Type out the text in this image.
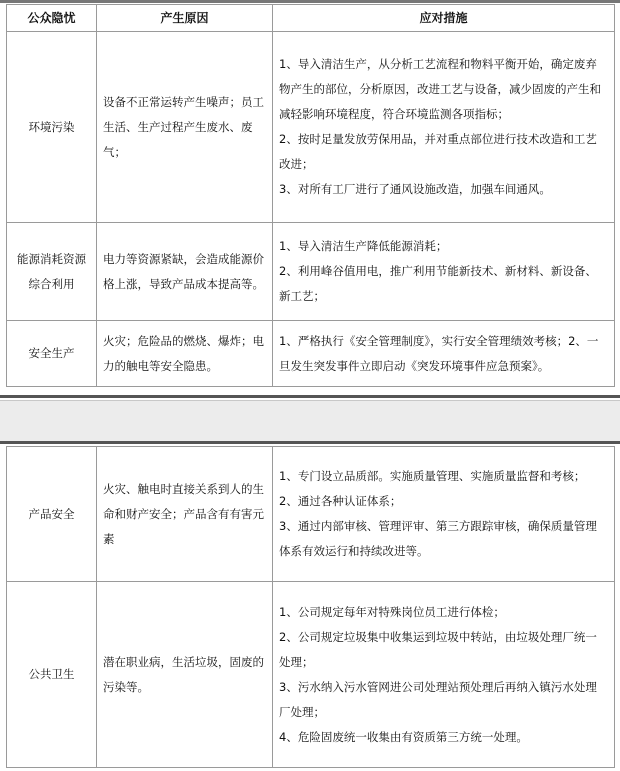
公众隐忧	产生原因	应对措施
环境污染	设备不正常运转产生噪声；员工生活、生产过程产生废水、废气；	1、导入清洁生产，从分析工艺流程和物料平衡开始，确定废弃物产生的部位，分析原因，改进工艺与设备，减少固废的产生和减轻影响环境程度，符合环境监测各项指标；
2、按时足量发放劳保用品，并对重点部位进行技术改造和工艺改进；
3、对所有工厂进行了通风设施改造，加强车间通风。

能源消耗资源综合利用	电力等资源紧缺，会造成能源价格上涨，导致产品成本提高等。	1、导入清洁生产降低能源消耗；
2、利用峰谷值用电，推广利用节能新技术、新材料、新设备、新工艺；

安全生产	火灾；危险品的燃烧、爆炸；电力的触电等安全隐患。	1、严格执行《安全管理制度》，实行安全管理绩效考核；2、一旦发生突发事件立即启动《突发环境事件应急预案》。
产品安全	火灾、触电时直接关系到人的生命和财产安全；产品含有有害元素	1、专门设立品质部。实施质量管理、实施质量监督和考核；
2、通过各种认证体系；
3、通过内部审核、管理评审、第三方跟踪审核，确保质量管理体系有效运行和持续改进等。

公共卫生	潜在职业病，生活垃圾，固废的污染等。	1、公司规定每年对特殊岗位员工进行体检；
2、公司规定垃圾集中收集运到垃圾中转站，由垃圾处理厂统一处理；
3、污水纳入污水管网进公司处理站预处理后再纳入镇污水处理厂处理；
4、危险固废统一收集由有资质第三方统一处理。
